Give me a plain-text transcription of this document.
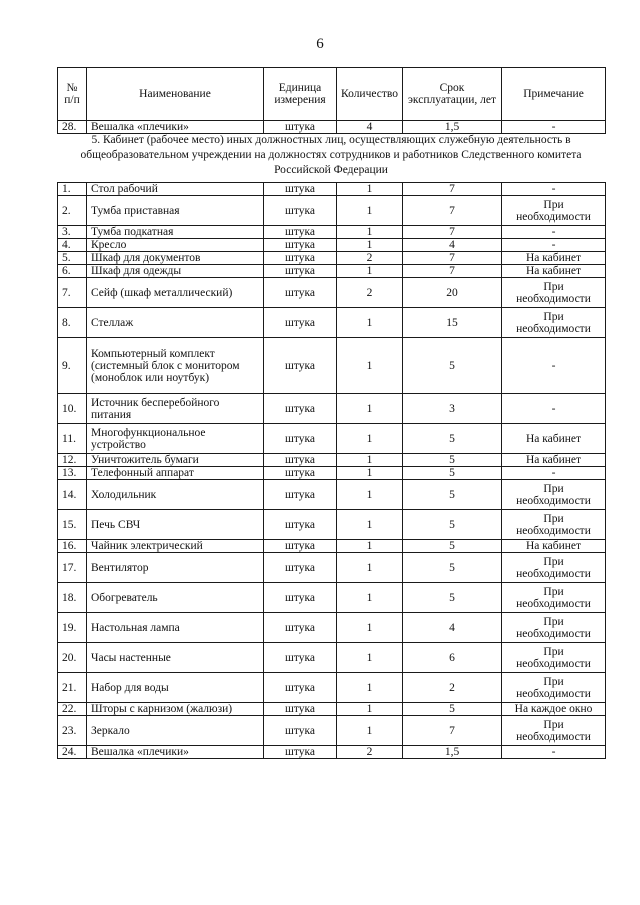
6
№ п/п	Наименование	Единица измерения	Количество	Срок эксплуатации, лет	Примечание
28.	Вешалка «плечики»	штука	4	1,5	-
5. Кабинет (рабочее место) иных должностных лиц, осуществляющих служебную деятельность в общеобразовательном учреждении на должностях сотрудников и работников Следственного комитета Российской Федерации
1.	Стол рабочий	штука	1	7	-
2.	Тумба приставная	штука	1	7	При необходимости
3.	Тумба подкатная	штука	1	7	-
4.	Кресло	штука	1	4	-
5.	Шкаф для документов	штука	2	7	На кабинет
6.	Шкаф для одежды	штука	1	7	На кабинет
7.	Сейф (шкаф металлический)	штука	2	20	При необходимости
8.	Стеллаж	штука	1	15	При необходимости
9.	Компьютерный комплект (системный блок с монитором (моноблок или ноутбук)	штука	1	5	-
10.	Источник бесперебойного питания	штука	1	3	-
11.	Многофункциональное устройство	штука	1	5	На кабинет
12.	Уничтожитель бумаги	штука	1	5	На кабинет
13.	Телефонный аппарат	штука	1	5	-
14.	Холодильник	штука	1	5	При необходимости
15.	Печь СВЧ	штука	1	5	При необходимости
16.	Чайник электрический	штука	1	5	На кабинет
17.	Вентилятор	штука	1	5	При необходимости
18.	Обогреватель	штука	1	5	При необходимости
19.	Настольная лампа	штука	1	4	При необходимости
20.	Часы настенные	штука	1	6	При необходимости
21.	Набор для воды	штука	1	2	При необходимости
22.	Шторы с карнизом (жалюзи)	штука	1	5	На каждое окно
23.	Зеркало	штука	1	7	При необходимости
24.	Вешалка «плечики»	штука	2	1,5	-
